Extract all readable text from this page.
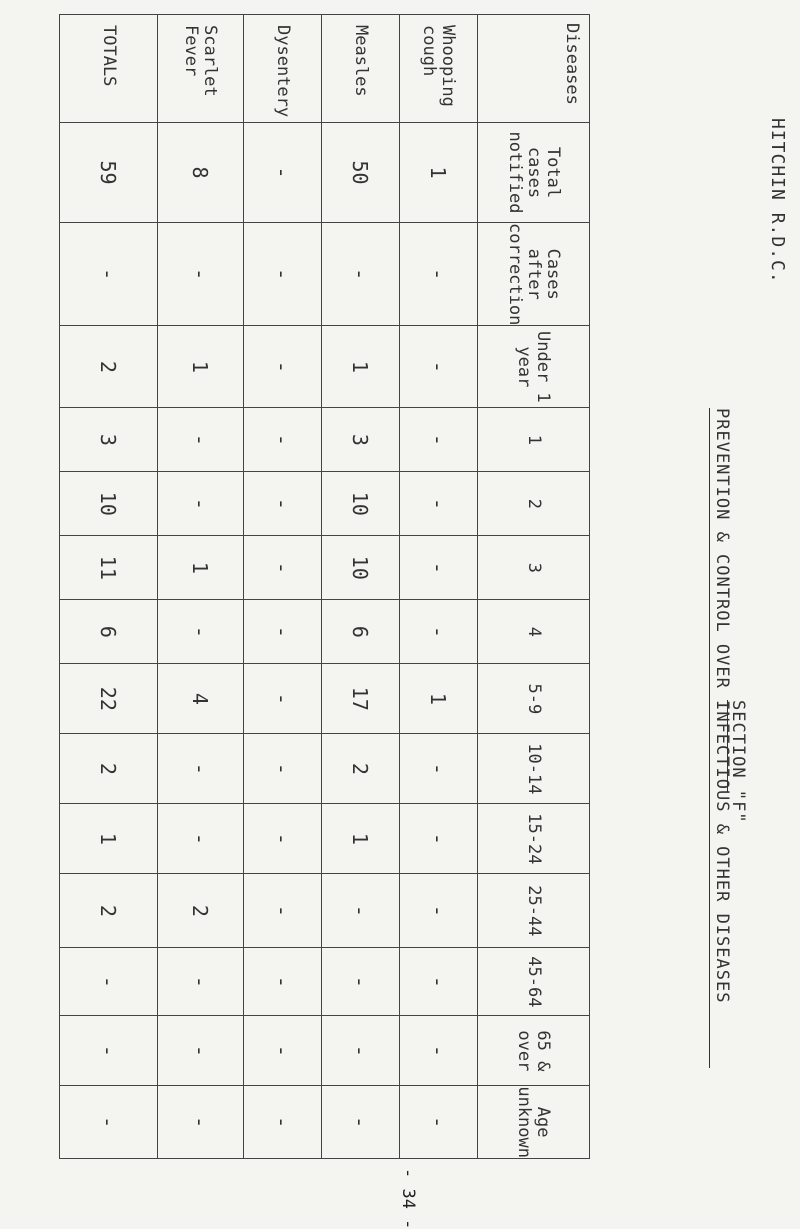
HITCHIN R.D.C.
SECTION "F"
PREVENTION & CONTROL OVER INFECTIOUS & OTHER DISEASES
Diseases	Total cases notified	Cases after correction	Under 1 year	1	2	3	4	5-9	10-14	15-24	25-44	45-64	65 & over	Age unknown
Whooping cough	1	-	-	-	-	-	-	1	-	-	-	-	-	-
Measles	50	-	1	3	10	10	6	17	2	1	-	-	-	-
Dysentery	-	-	-	-	-	-	-	-	-	-	-	-	-	-
Scarlet Fever	8	-	1	-	-	1	-	4	-	-	2	-	-	-
TOTALS	59	-	2	3	10	11	6	22	2	1	2	-	-	-
- 34 -
